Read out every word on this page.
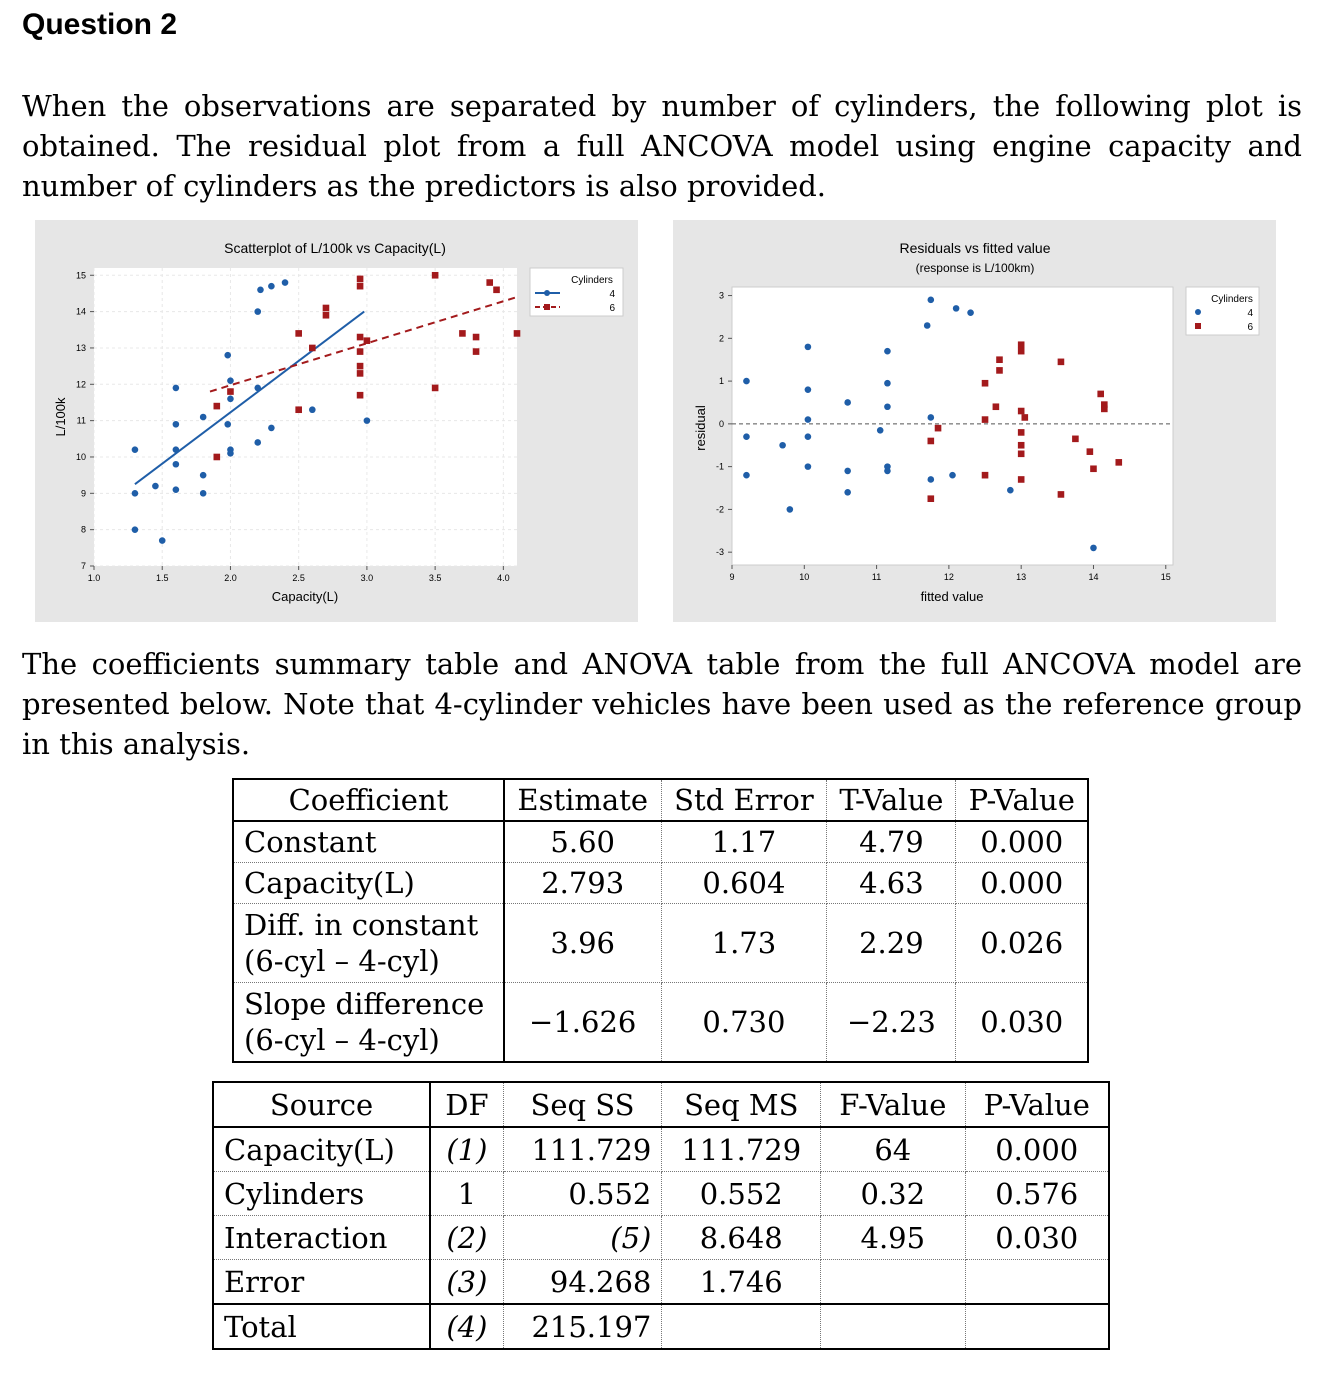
Question 2
When the observations are separated by number of cylinders, the following plot is obtained. The residual plot from a full ANCOVA model using engine capacity and number of cylinders as the predictors is also provided.
1.0	1.5	2.0	2.5	3.0	3.5	4.0
7
8
9
10
11
12
13
14
15
Scatterplot of L/100k vs Capacity(L)
Capacity(L)
L/100k
Cylinders
4
6
9	10	11	12	13	14	15
3
2
1
0
-1
-2
-3
Residuals vs fitted value
(response is L/100km)
fitted value
residual
Cylinders
4
6
The coefficients summary table and ANOVA table from the full ANCOVA model are presented below. Note that 4-cylinder vehicles have been used as the reference group in this analysis.
Coefficient	Estimate	Std Error	T-Value	P-Value
Constant	5.60	1.17	4.79	0.000
Capacity(L)	2.793	0.604	4.63	0.000
Diff. in constant
(6-cyl – 4-cyl)	3.96	1.73	2.29	0.026
Slope difference
(6-cyl – 4-cyl)	−1.626	0.730	−2.23	0.030
Source	DF	Seq SS	Seq MS	F-Value	P-Value
Capacity(L)	(1)	111.729	111.729	64	0.000
Cylinders	1	0.552	0.552	0.32	0.576
Interaction	(2)	(5)	8.648	4.95	0.030
Error	(3)	94.268	1.746		
Total	(4)	215.197			
